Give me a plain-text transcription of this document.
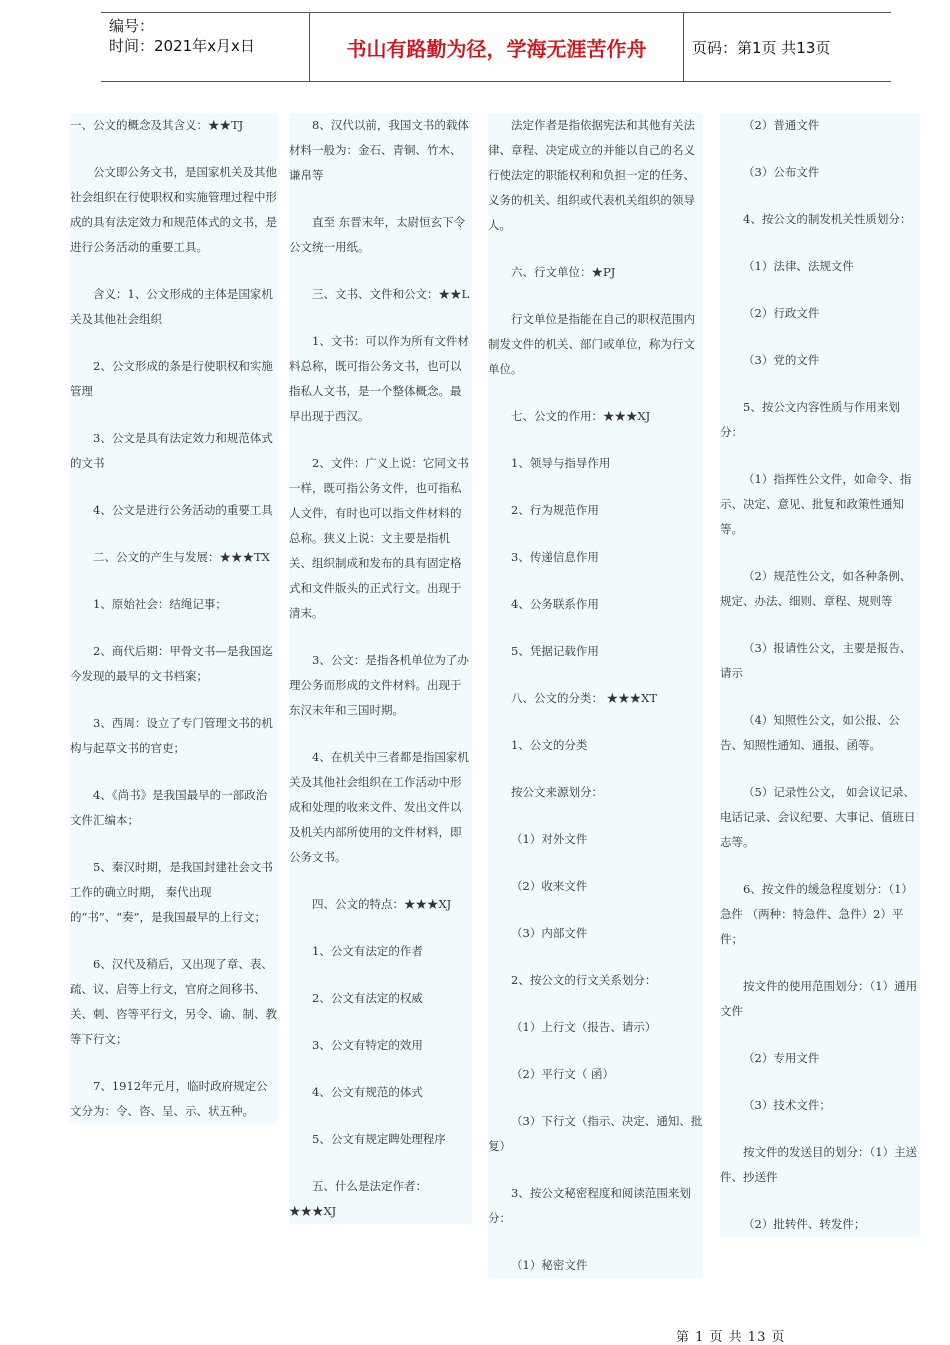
编号：
时间：2021年x月x日	书山有路勤为径，学海无涯苦作舟	页码：第1页 共13页

一、公文的概念及其含义：★★TJ

公文即公务文书，是国家机关及其他社会组织在行使职权和实施管理过程中形成的具有法定效力和规范体式的文书，是进行公务活动的重要工具。

含义：1、公文形成的主体是国家机关及其他社会组织

2、公文形成的条是行使职权和实施管理

3、公文是具有法定效力和规范体式的文书

4、公文是进行公务活动的重要工具

二、公文的产生与发展：★★★TX

1、原始社会：结绳记事；

2、商代后期：甲骨文书—是我国迄今发现的最早的文书档案；

3、西周：设立了专门管理文书的机构与起草文书的官吏；

4、《尚书》是我国最早的一部政治文件汇编本；

5、秦汉时期，是我国封建社会文书工作的确立时期， 秦代出现的“书”、“奏”，是我国最早的上行文；

6、汉代及稍后，又出现了章、表、疏、议、启等上行文，官府之间移书、关、刺、咨等平行文，另令、谕、制、教等下行文；

7、1912年元月，临时政府规定公文分为：令、咨、呈、示、状五种。

8、汉代以前，我国文书的载体材料一般为：金石、青铜、竹木、谦帛等

直至 东晋末年，太尉恒玄下令公文统一用纸。

三、文书、文件和公文：★★L

1、文书：可以作为所有文件材料总称，既可指公务文书，也可以指私人文书，是一个整体概念。最早出现于西汉。

2、文件：广义上说：它同文书一样，既可指公务文件，也可指私人文件，有时也可以指文件材料的总称。狭义上说：文主要是指机关、组织制成和发布的具有固定格式和文件版头的正式行文。出现于清末。

3、公文：是指各机单位为了办理公务而形成的文件材料。出现于东汉末年和三国时期。

4、在机关中三者都是指国家机关及其他社会组织在工作活动中形成和处理的收来文件、发出文件以及机关内部所使用的文件材料，即公务文书。

四、公文的特点：★★★XJ

1、公文有法定的作者

2、公文有法定的权威

3、公文有特定的效用

4、公文有规范的体式

5、公文有规定睥处理程序

五、什么是法定作者：★★★XJ

法定作者是指依据宪法和其他有关法律、章程、决定成立的并能以自己的名义行使法定的职能权利和负担一定的任务、义务的机关、组织或代表机关组织的领导人。

六、行文单位：★PJ

行文单位是指能在自己的职权范围内制发文件的机关、部门或单位，称为行文单位。

七、公文的作用：★★★XJ

1、领导与指导作用

2、行为规范作用

3、传递信息作用

4、公务联系作用

5、凭据记载作用

八、公文的分类： ★★★XT

1、公文的分类

按公文来源划分：

（1）对外文件

（2）收来文件

（3）内部文件

2、按公文的行文关系划分：

（1）上行文（报告、请示）

（2）平行文（ 函）

（3）下行文（指示、决定、通知、批复）

3、按公文秘密程度和阅读范围来划分：

（1）秘密文件

（2）普通文件

（3）公布文件

4、按公文的制发机关性质划分：

（1）法律、法规文件

（2）行政文件

（3）党的文件

5、按公文内容性质与作用来划分：

（1）指挥性公文件，如命令、指示、决定、意见、批复和政策性通知等。

（2）规范性公文，如各种条例、规定、办法、细则、章程、规则等

（3）报请性公文，主要是报告、请示

（4）知照性公文，如公报、公告、知照性通知、通报、函等。

（5）记录性公文， 如会议记录、电话记录、会议纪要、大事记、值班日志等。

6、按文件的缓急程度划分：（1）急件 （两种：特急件、急件）2）平件；

按文件的使用范围划分：（1）通用文件

（2）专用文件

（3）技术文件；

按文件的发送目的划分：（1）主送件、抄送件

（2）批转件、转发件；

第 1 页 共 13 页
